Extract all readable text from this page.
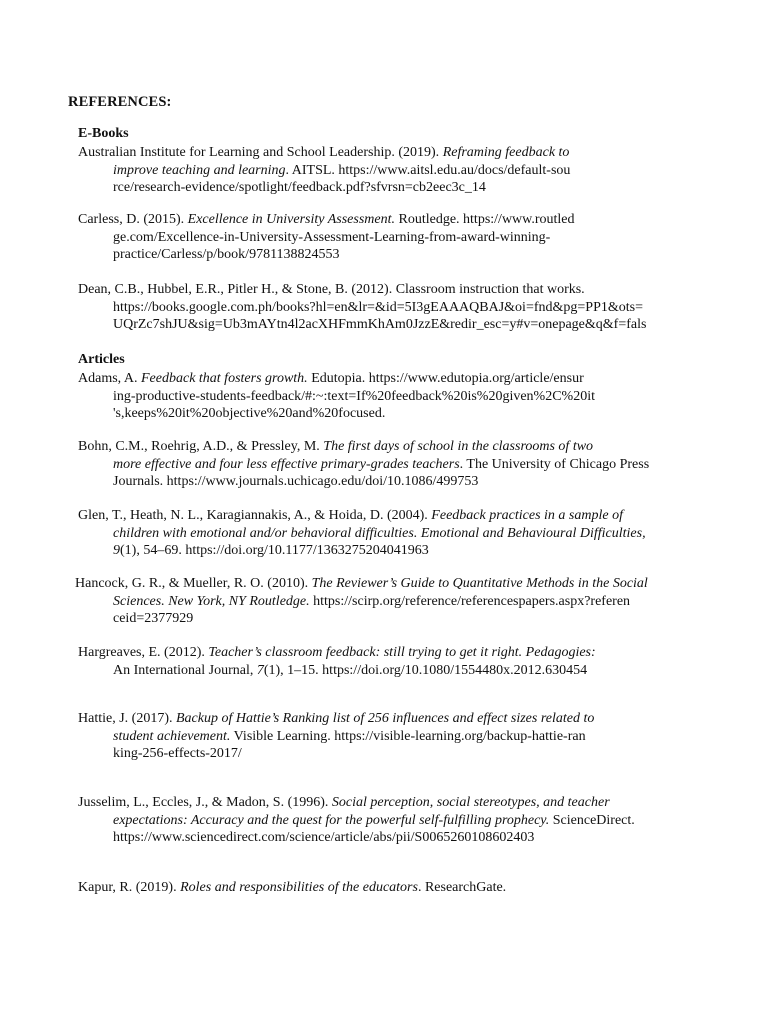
REFERENCES:
E-Books
Australian Institute for Learning and School Leadership. (2019). Reframing feedback to
improve teaching and learning. AITSL. https://www.aitsl.edu.au/docs/default-sou
rce/research-evidence/spotlight/feedback.pdf?sfvrsn=cb2eec3c_14
Carless, D. (2015). Excellence in University Assessment. Routledge. https://www.routled
ge.com/Excellence-in-University-Assessment-Learning-from-award-winning-
practice/Carless/p/book/9781138824553
Dean, C.B., Hubbel, E.R., Pitler H., & Stone, B. (2012). Classroom instruction that works.
https://books.google.com.ph/books?hl=en&lr=&id=5I3gEAAAQBAJ&oi=fnd&pg=PP1&ots=
UQrZc7shJU&sig=Ub3mAYtn4l2acXHFmmKhAm0JzzE&redir_esc=y#v=onepage&q&f=fals
Articles
Adams, A. Feedback that fosters growth. Edutopia. https://www.edutopia.org/article/ensur
ing-productive-students-feedback/#:~:text=If%20feedback%20is%20given%2C%20it
's,keeps%20it%20objective%20and%20focused.
Bohn, C.M., Roehrig, A.D., & Pressley, M. The first days of school in the classrooms of two
more effective and four less effective primary-grades teachers. The University of Chicago Press
Journals. https://www.journals.uchicago.edu/doi/10.1086/499753
Glen, T., Heath, N. L., Karagiannakis, A., & Hoida, D. (2004). Feedback practices in a sample of
children with emotional and/or behavioral difficulties. Emotional and Behavioural Difficulties,
9(1), 54–69. https://doi.org/10.1177/1363275204041963
Hancock, G. R., & Mueller, R. O. (2010). The Reviewer’s Guide to Quantitative Methods in the Social
Sciences. New York, NY Routledge. https://scirp.org/reference/referencespapers.aspx?referen
ceid=2377929
Hargreaves, E. (2012). Teacher’s classroom feedback: still trying to get it right. Pedagogies:
An International Journal, 7(1), 1–15. https://doi.org/10.1080/1554480x.2012.630454
Hattie, J. (2017). Backup of Hattie’s Ranking list of 256 influences and effect sizes related to
student achievement. Visible Learning. https://visible-learning.org/backup-hattie-ran
king-256-effects-2017/
Jusselim, L., Eccles, J., & Madon, S. (1996). Social perception, social stereotypes, and teacher
expectations: Accuracy and the quest for the powerful self-fulfilling prophecy. ScienceDirect.
https://www.sciencedirect.com/science/article/abs/pii/S0065260108602403
Kapur, R. (2019). Roles and responsibilities of the educators. ResearchGate.
